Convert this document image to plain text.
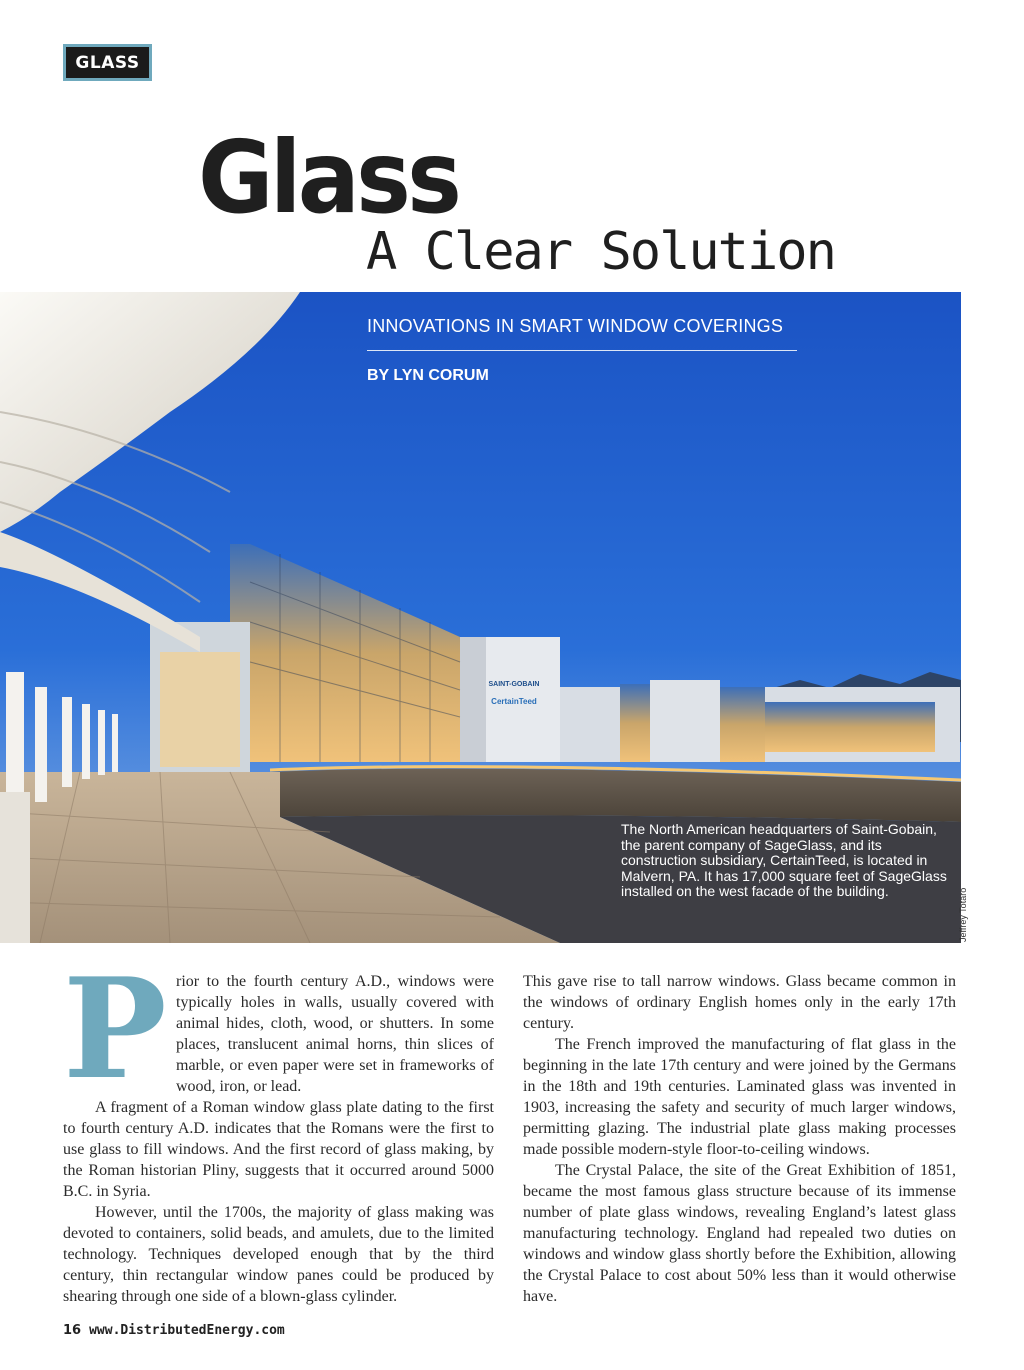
GLASS
Glass
A Clear Solution
SAINT-GOBAIN
CertainTeed
INNOVATIONS IN SMART WINDOW COVERINGS
BY LYN CORUM
The North American headquarters of Saint-Gobain, the parent company of SageGlass, and its construction subsidiary, CertainTeed, is located in Malvern, PA. It has 17,000 square feet of SageGlass installed on the west facade of the building.	Jeffrey Totaro

Prior to the fourth century A.D., windows were typically holes in walls, usually covered with animal hides, cloth, wood, or shutters. In some places, translucent animal horns, thin slices of marble, or even paper were set in frameworks of wood, iron, or lead.

A fragment of a Roman window glass plate dating to the first to fourth century A.D. indicates that the Romans were the first to use glass to fill windows. And the first record of glass making, by the Roman historian Pliny, suggests that it occurred around 5000 B.C. in Syria.

However, until the 1700s, the majority of glass making was devoted to containers, solid beads, and amulets, due to the limited technology. Techniques developed enough that by the third century, thin rectangular window panes could be produced by shearing through one side of a blown-glass cylinder.

This gave rise to tall narrow windows. Glass became common in the windows of ordinary English homes only in the early 17th century.

The French improved the manufacturing of flat glass in the beginning in the late 17th century and were joined by the Germans in the 18th and 19th centuries. Laminated glass was invented in 1903, increasing the safety and security of much larger windows, permitting glazing. The industrial plate glass making processes made possible modern-style floor-to-ceiling windows.

The Crystal Palace, the site of the Great Exhibition of 1851, became the most famous glass structure because of its immense number of plate glass windows, revealing England’s latest glass manufacturing technology. England had repealed two duties on windows and window glass shortly before the Exhibition, allowing the Crystal Palace to cost about 50% less than it would otherwise have.

16 www.DistributedEnergy.com
